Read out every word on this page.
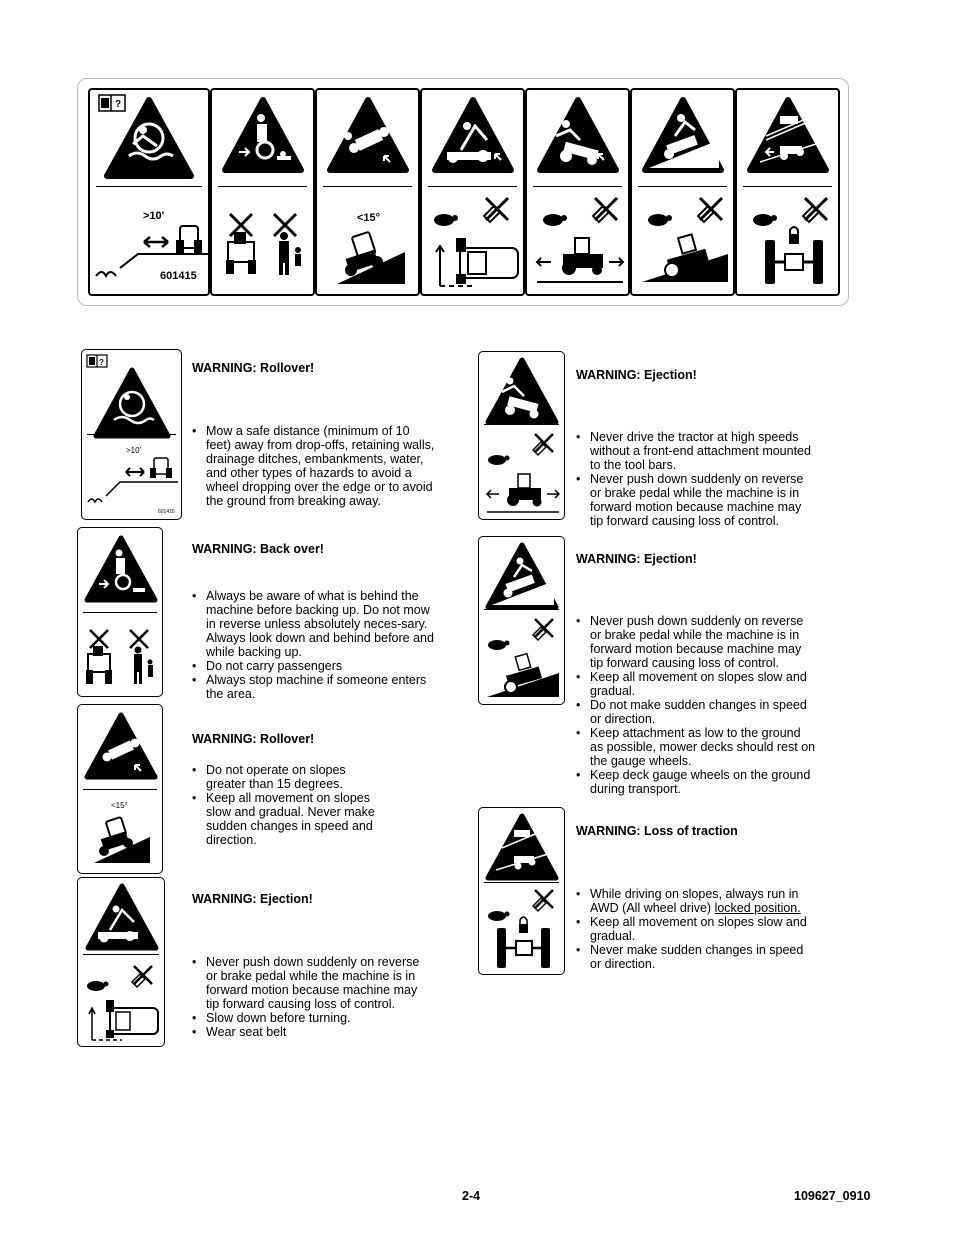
?
>10'
601415
<15°
?
>10'
601415
WARNING: Rollover!
• Mow a safe distance (minimum of 10 feet) away from drop-offs, retaining walls, drainage ditches, embankments, water, and other types of hazards to avoid a wheel dropping over the edge or to avoid the ground from breaking away.
WARNING: Back over!
• Always be aware of what is behind the machine before backing up. Do not mow in reverse unless absolutely neces-sary. Always look down and behind before and while backing up.
• Do not carry passengers
• Always stop machine if someone enters the area.
<15°
WARNING: Rollover!
• Do not operate on slopes greater than 15 degrees.
• Keep all movement on slopes slow and gradual. Never make sudden changes in speed and direction.
WARNING: Ejection!
• Never push down suddenly on reverse or brake pedal while the machine is in forward motion because machine may tip forward causing loss of control.
• Slow down before turning.
• Wear seat belt
WARNING: Ejection!
• Never drive the tractor at high speeds without a front-end attachment mounted to the tool bars.
• Never push down suddenly on reverse or brake pedal while the machine is in forward motion because machine may tip forward causing loss of control.
WARNING: Ejection!
• Never push down suddenly on reverse or brake pedal while the machine is in forward motion because machine may tip forward causing loss of control.
• Keep all movement on slopes slow and gradual.
• Do not make sudden changes in speed or direction.
• Keep attachment as low to the ground as possible, mower decks should rest on the gauge wheels.
• Keep deck gauge wheels on the ground during transport.
WARNING: Loss of traction
• While driving on slopes, always run in AWD (All wheel drive) locked position.
• Keep all movement on slopes slow and gradual.
• Never make sudden changes in speed or direction.
2-4	109627_0910
